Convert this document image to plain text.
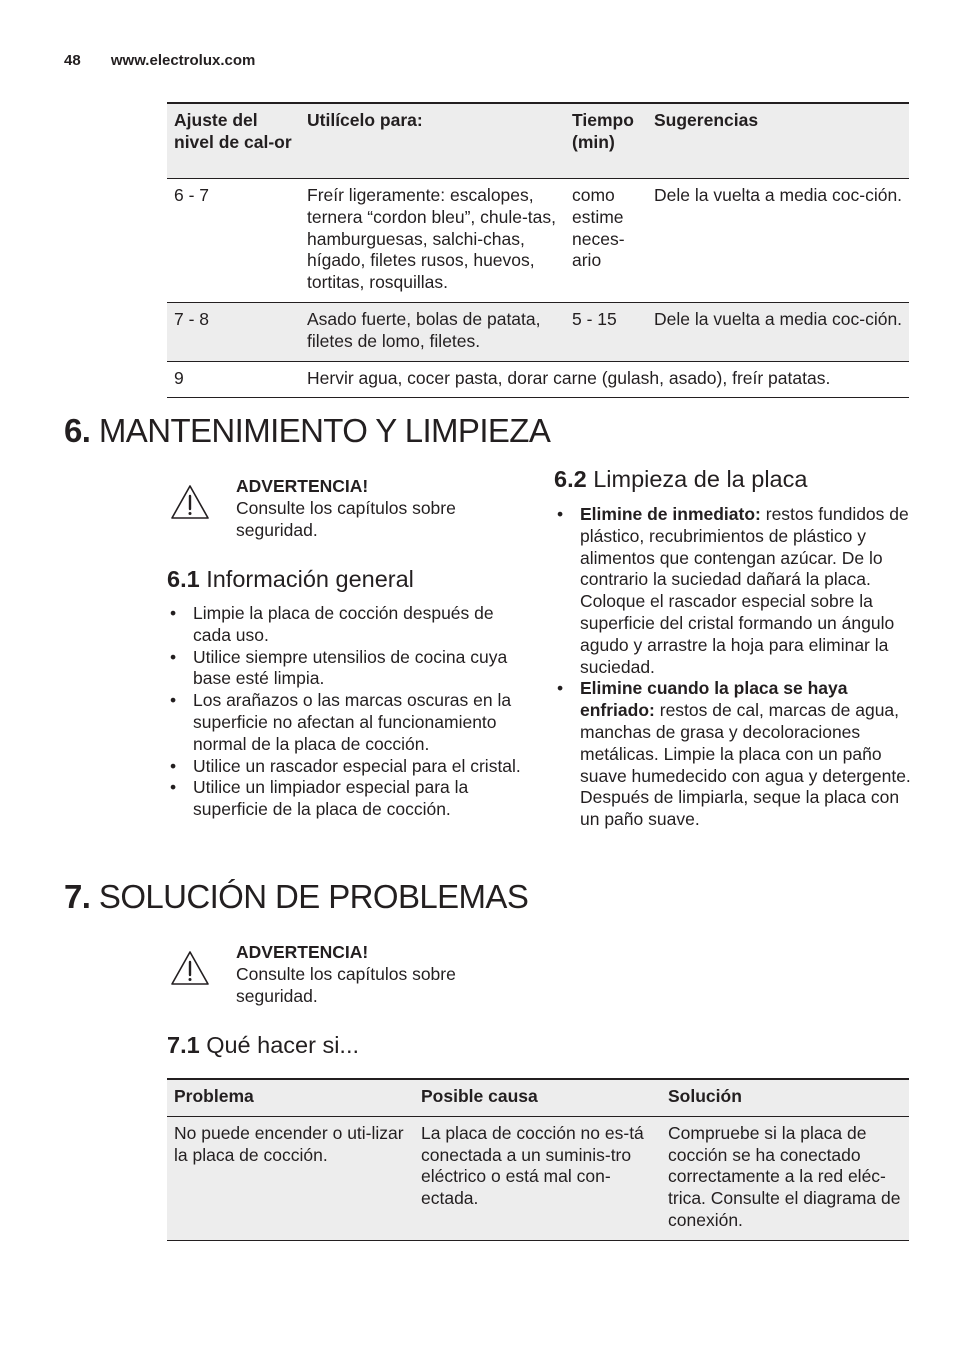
48 www.electrolux.com
Ajuste del nivel de cal-or	Utilícelo para:	Tiempo (min)	Sugerencias
6 - 7	Freír ligeramente: escalopes, ternera “cordon bleu”, chule-tas, hamburguesas, salchi-chas, hígado, filetes rusos, huevos, tortitas, rosquillas.	como estime neces-ario	Dele la vuelta a media coc-ción.
7 - 8	Asado fuerte, bolas de patata, filetes de lomo, filetes.	5 - 15	Dele la vuelta a media coc-ción.
9	Hervir agua, cocer pasta, dorar carne (gulash, asado), freír patatas.		
6. MANTENIMIENTO Y LIMPIEZA
ADVERTENCIA!
Consulte los capítulos sobre seguridad.
6.1 Información general
• Limpie la placa de cocción después de cada uso.
• Utilice siempre utensilios de cocina cuya base esté limpia.
• Los arañazos o las marcas oscuras en la superficie no afectan al funcionamiento normal de la placa de cocción.
• Utilice un rascador especial para el cristal.
• Utilice un limpiador especial para la superficie de la placa de cocción.
6.2 Limpieza de la placa
• Elimine de inmediato: restos fundidos de plástico, recubrimientos de plástico y alimentos que contengan azúcar. De lo contrario la suciedad dañará la placa. Coloque el rascador especial sobre la superficie del cristal formando un ángulo agudo y arrastre la hoja para eliminar la suciedad.
• Elimine cuando la placa se haya enfriado: restos de cal, marcas de agua, manchas de grasa y decoloraciones metálicas. Limpie la placa con un paño suave humedecido con agua y detergente. Después de limpiarla, seque la placa con un paño suave.
7. SOLUCIÓN DE PROBLEMAS
ADVERTENCIA!
Consulte los capítulos sobre seguridad.
7.1 Qué hacer si...
Problema	Posible causa	Solución
No puede encender o uti-lizar la placa de cocción.	La placa de cocción no es-tá conectada a un suminis-tro eléctrico o está mal con-ectada.	Compruebe si la placa de cocción se ha conectado correctamente a la red eléc-trica. Consulte el diagrama de conexión.
